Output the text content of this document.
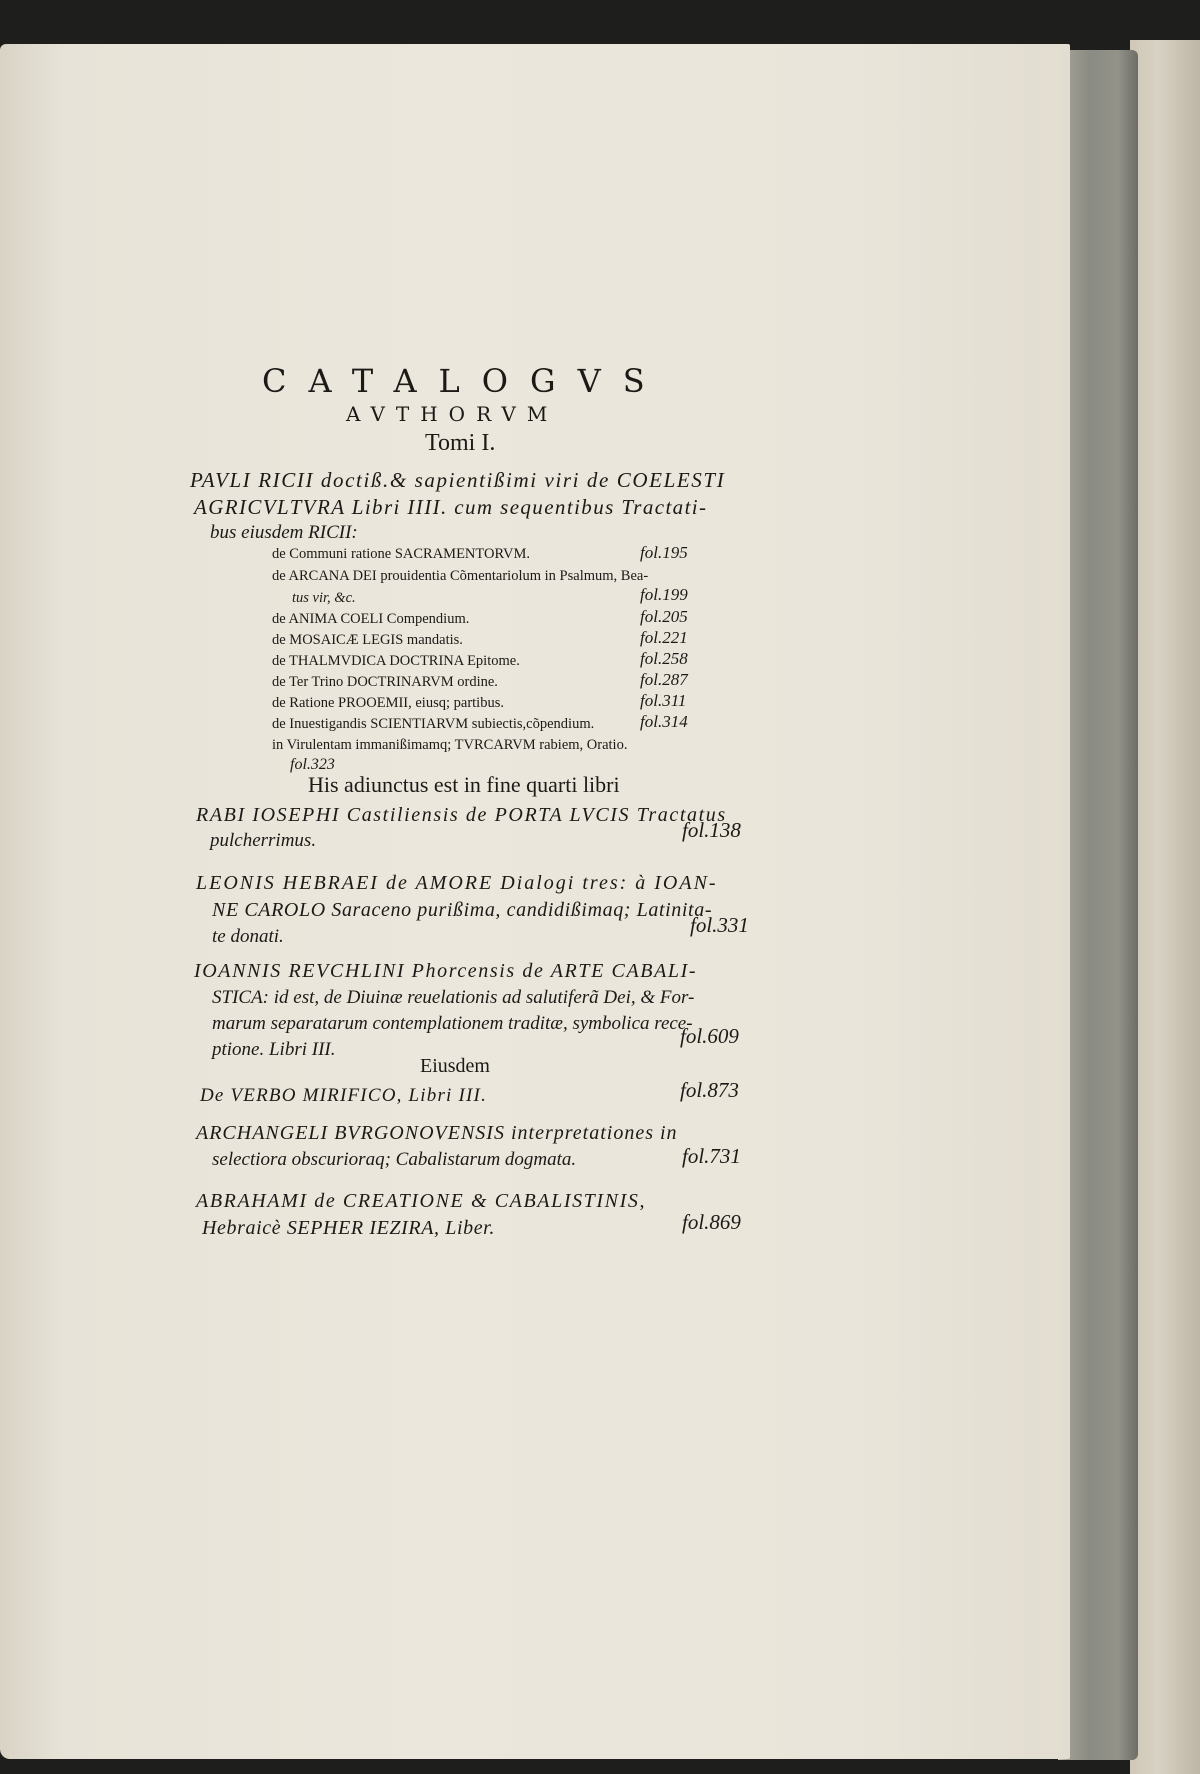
CATALOGVS
AVTHORVM
Tomi I.
PAVLI RICII doctiß.& sapientißimi viri de COELESTI
AGRICVLTVRA Libri IIII. cum sequentibus Tractati-
bus eiusdem RICII:
de Communi ratione SACRAMENTORVM.	fol.195
de ARCANA DEI prouidentia Cõmentariolum in Psalmum, Bea-
tus vir, &c.	fol.199
de ANIMA COELI Compendium.	fol.205
de MOSAICÆ LEGIS mandatis.	fol.221
de THALMVDICA DOCTRINA Epitome.	fol.258
de Ter Trino DOCTRINARVM ordine.	fol.287
de Ratione PROOEMII, eiusq; partibus.	fol.311
de Inuestigandis SCIENTIARVM subiectis,cõpendium.	fol.314
in Virulentam immanißimamq; TVRCARVM rabiem, Oratio.
fol.323
His adiunctus est in fine quarti libri
RABI IOSEPHI Castiliensis de PORTA LVCIS Tractatus
pulcherrimus.	fol.138
LEONIS HEBRAEI de AMORE Dialogi tres: à IOAN-
NE CAROLO Saraceno purißima, candidißimaq; Latinita-
te donati.	fol.331
IOANNIS REVCHLINI Phorcensis de ARTE CABALI-
STICA: id est, de Diuinæ reuelationis ad salutiferã Dei, & For-
marum separatarum contemplationem traditæ, symbolica rece-
ptione. Libri III.
fol.609
Eiusdem
De VERBO MIRIFICO, Libri III.	fol.873
ARCHANGELI BVRGONOVENSIS interpretationes in
selectiora obscurioraq; Cabalistarum dogmata.	fol.731
ABRAHAMI de CREATIONE & CABALISTINIS,
Hebraicè SEPHER IEZIRA, Liber.	fol.869
